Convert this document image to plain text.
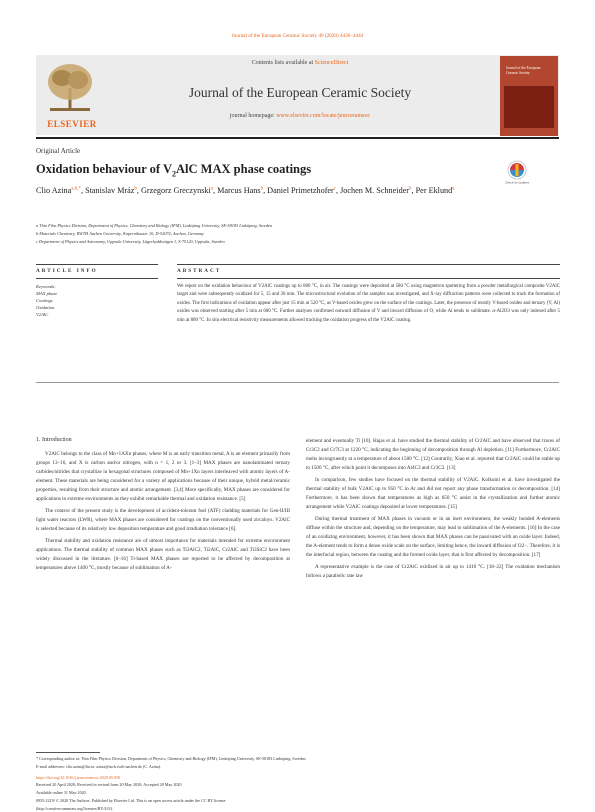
Journal of the European Ceramic Society 40 (2020) 4436–4444
ELSEVIER
Contents lists available at ScienceDirect
Journal of the European Ceramic Society
journal homepage: www.elsevier.com/locate/jeurceramsoc
Journal of the European Ceramic Society
Original Article
Oxidation behaviour of $V_2AlC$ MAX phase coatings
Check for updates
Clio Azina$^{a,b,*}$, Stanislav Mráz$^b$, Grzegorz Greczynski$^a$, Marcus Hans$^b$, Daniel Primetzhofer$^c$, Jochen M. Schneider$^b$, Per Eklund$^a$
a Thin Film Physics Division, Department of Physics, Chemistry and Biology (IFM), Linköping University, SE-58183 Linköping, Sweden
b Materials Chemistry, RWTH Aachen University, Kopernikusstr. 10, D-52074, Aachen, Germany
c Department of Physics and Astronomy, Uppsala University, Lägerhyddsvägen 1, S-75120, Uppsala, Sweden
ARTICLE INFO
Keywords:
MAX phase
Coatings
Oxidation
V2AlC
ABSTRACT
We report on the oxidation behaviour of V2AlC coatings up to 800 °C, in air. The coatings were deposited at 580 °C using magnetron sputtering from a powder metallurgical composite V2AlC target and were subsequently oxidized for 5, 15 and 30 min. The microstructural evolution of the samples was investigated, and X-ray diffraction patterns were collected to track the formation of oxides. The first indications of oxidation appear after just 15 min at 520 °C, as V-based oxides grew on the surface of the coatings. Later, the presence of mostly V-based oxides and ternary (V, Al) oxides was observed starting after 5 min at 600 °C. Further analyses confirmed outward diffusion of V and inward diffusion of O, while Al tends to sublimate. α-Al2O3 was only indexed after 5 min at 800 °C. In situ electrical resistivity measurements allowed tracking the oxidation progress of the V2AlC coating.
1. Introduction

V2AlC belongs to the class of Mn+1AXn phases, where M is an early transition metal, A is an element primarily from groups 13–16, and X is carbon and/or nitrogen, with n = 1, 2 or 3. [1–3] MAX phases are nanolaminated ternary carbides/nitrides that crystallize in hexagonal structures composed of Mn+1Xn layers interleaved with atomic layers of A-element. These materials are being considered for a variety of applications because of their unique, hybrid metal/ceramic properties, resulting from their structure and atomic arrangement. [3,4] More specifically, MAX phases are considered for applications in extreme environments as they exhibit remarkable thermal and oxidation resistance. [5]

The context of the present study is the development of accident-tolerant fuel (ATF) cladding materials for Gen-II/III light water reactors (LWR), where MAX phases are considered for coatings on the conventionally used zircaloys. V2AlC is selected because of its relatively low deposition temperature and good irradiation tolerance [6].

Thermal stability and oxidation resistance are of utmost importance for materials intended for extreme environment applications. The thermal stability of common MAX phases such as Ti3AlC2, Ti2AlC, Cr2AlC and Ti3SiC2 have been widely discussed in the literature. [6–16] Ti-based MAX phases are reported to be affected by decomposition at temperatures above 1400 °C, mostly because of sublimation of A-

element and eventually Ti [10]. Hajas et al. have studied the thermal stability of Cr2AlC and have observed that traces of Cr3C2 and Cr7C3 at 1220 °C, indicating the beginning of decomposition through Al depletion. [11] Furthermore, Cr2AlC melts incongruently at a temperature of about 1500 °C. [12] Contrarily, Xiao et al. reported that Cr2AlC could be stable up to 1500 °C, after which point it decomposes into Al4C3 and Cr3C2. [13]

In comparison, few studies have focused on the thermal stability of V2AlC. Kolkumi et al. have investigated the thermal stability of bulk V2AlC up to 950 °C in Ar and did not report any phase transformation or decomposition. [14] Furthermore, it has been shown that temperatures as high as 650 °C assist in the crystallization and further atomic arrangement while V2AlC coatings deposited at lower temperatures. [15]

During thermal treatment of MAX phases in vacuum or in an inert environment, the weakly bonded A-elements diffuse within the structure and, depending on the temperature, may lead to sublimation of the A-elements. [16] In the case of an oxidizing environment, however, it has been shown that MAX phases can be passivated with an oxide layer. Indeed, the A-element tends to form a dense oxide scale on the surface, limiting hence, the inward diffusion of O2−. Therefore, it is the interfacial region, between the coating and the formed oxide layer, that is first affected by decomposition. [17]

A representative example is the case of Cr2AlC oxidized in air up to 1410 °C. [18–22] The oxidation mechanism follows a parabolic rate law

* Corresponding author at: Thin Film Physics Division, Department of Physics, Chemistry and Biology (IFM), Linköping University, SE-58183 Linköping, Sweden.
E-mail addresses: clio.azina@liu.se, azina@mch.rwth-aachen.de (C. Azina).
https://doi.org/10.1016/j.jeurceramsoc.2020.05.050
Received 20 April 2020; Received in revised form 20 May 2020; Accepted 20 May 2020
Available online 31 May 2020
0955-2219/ © 2020 The Authors. Published by Elsevier Ltd. This is an open access article under the CC BY license
(http://creativecommons.org/licenses/BY/4.0/).
